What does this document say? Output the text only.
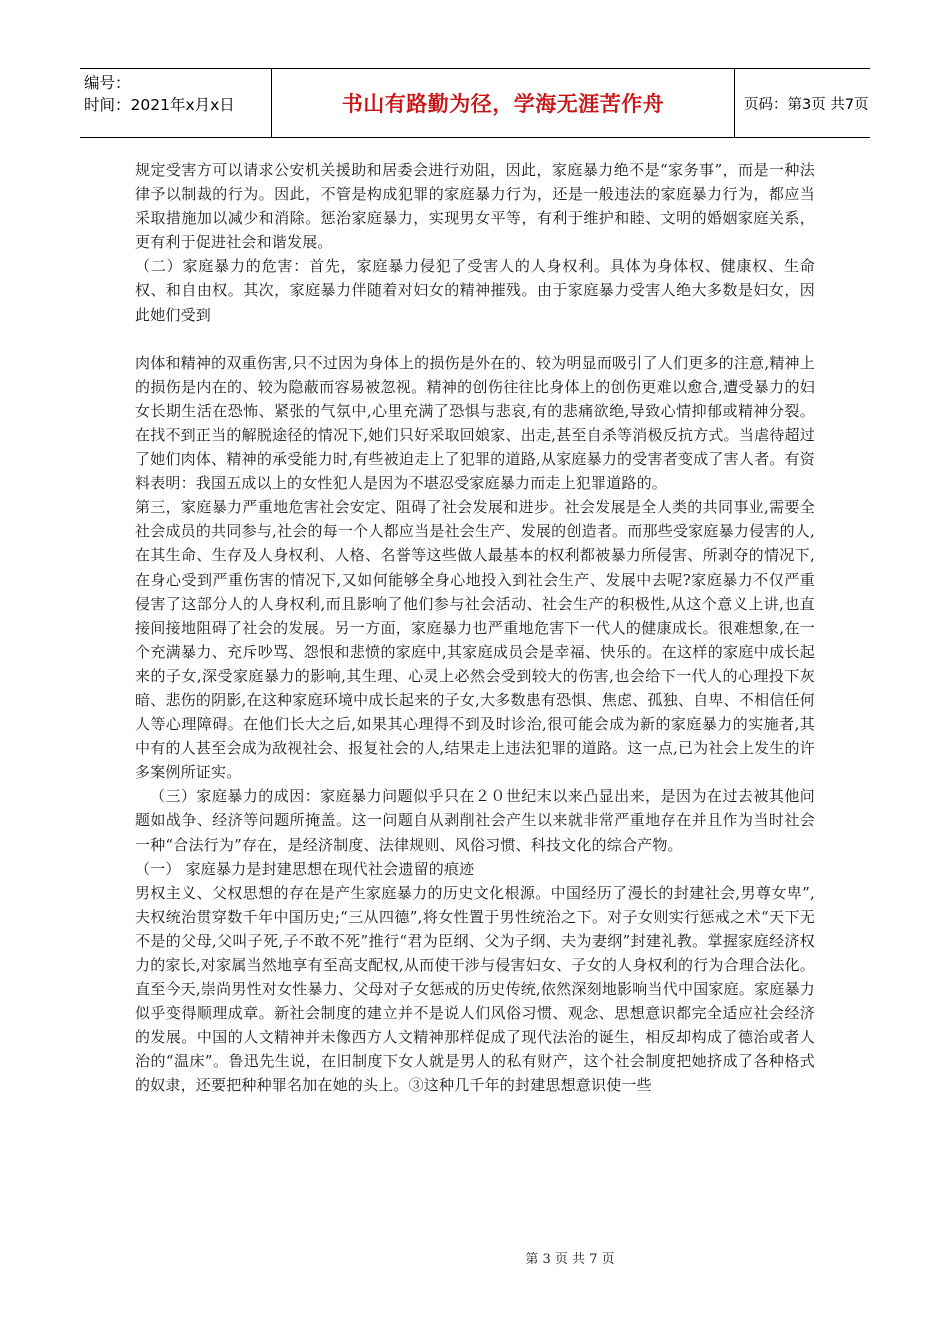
编号：
时间：2021年x月x日	书山有路勤为径，学海无涯苦作舟	页码：第3页 共7页

规定受害方可以请求公安机关援助和居委会进行劝阻，因此，家庭暴力绝不是“家务事”，而是一种法律予以制裁的行为。因此，不管是构成犯罪的家庭暴力行为，还是一般违法的家庭暴力行为，都应当采取措施加以减少和消除。惩治家庭暴力，实现男女平等，有利于维护和睦、文明的婚姻家庭关系，更有利于促进社会和谐发展。

（二）家庭暴力的危害：首先，家庭暴力侵犯了受害人的人身权利。具体为身体权、健康权、生命权、和自由权。其次，家庭暴力伴随着对妇女的精神摧残。由于家庭暴力受害人绝大多数是妇女，因此她们受到

肉体和精神的双重伤害,只不过因为身体上的损伤是外在的、较为明显而吸引了人们更多的注意,精神上的损伤是内在的、较为隐蔽而容易被忽视。精神的创伤往往比身体上的创伤更难以愈合,遭受暴力的妇女长期生活在恐怖、紧张的气氛中,心里充满了恐惧与悲哀,有的悲痛欲绝,导致心情抑郁或精神分裂。在找不到正当的解脱途径的情况下,她们只好采取回娘家、出走,甚至自杀等消极反抗方式。当虐待超过了她们肉体、精神的承受能力时,有些被迫走上了犯罪的道路,从家庭暴力的受害者变成了害人者。有资料表明：我国五成以上的女性犯人是因为不堪忍受家庭暴力而走上犯罪道路的。

第三，家庭暴力严重地危害社会安定、阻碍了社会发展和进步。社会发展是全人类的共同事业,需要全社会成员的共同参与,社会的每一个人都应当是社会生产、发展的创造者。而那些受家庭暴力侵害的人,在其生命、生存及人身权利、人格、名誉等这些做人最基本的权利都被暴力所侵害、所剥夺的情况下,在身心受到严重伤害的情况下,又如何能够全身心地投入到社会生产、发展中去呢?家庭暴力不仅严重侵害了这部分人的人身权利,而且影响了他们参与社会活动、社会生产的积极性,从这个意义上讲,也直接间接地阻碍了社会的发展。另一方面，家庭暴力也严重地危害下一代人的健康成长。很难想象,在一个充满暴力、充斥吵骂、怨恨和悲愤的家庭中,其家庭成员会是幸福、快乐的。在这样的家庭中成长起来的子女,深受家庭暴力的影响,其生理、心灵上必然会受到较大的伤害,也会给下一代人的心理投下灰暗、悲伤的阴影,在这种家庭环境中成长起来的子女,大多数患有恐惧、焦虑、孤独、自卑、不相信任何人等心理障碍。在他们长大之后,如果其心理得不到及时诊治,很可能会成为新的家庭暴力的实施者,其中有的人甚至会成为敌视社会、报复社会的人,结果走上违法犯罪的道路。这一点,已为社会上发生的许多案例所证实。

（三）家庭暴力的成因：家庭暴力问题似乎只在２０世纪末以来凸显出来，是因为在过去被其他问题如战争、经济等问题所掩盖。这一问题自从剥削社会产生以来就非常严重地存在并且作为当时社会一种“合法行为”存在，是经济制度、法律规则、风俗习惯、科技文化的综合产物。

（一） 家庭暴力是封建思想在现代社会遗留的痕迹

男权主义、父权思想的存在是产生家庭暴力的历史文化根源。中国经历了漫长的封建社会,男尊女卑”,夫权统治贯穿数千年中国历史;“三从四德”,将女性置于男性统治之下。对子女则实行惩戒之术“天下无不是的父母,父叫子死,子不敢不死”推行“君为臣纲、父为子纲、夫为妻纲”封建礼教。掌握家庭经济权力的家长,对家属当然地享有至高支配权,从而使干涉与侵害妇女、子女的人身权利的行为合理合法化。直至今天,崇尚男性对女性暴力、父母对子女惩戒的历史传统,依然深刻地影响当代中国家庭。家庭暴力似乎变得顺理成章。新社会制度的建立并不是说人们风俗习惯、观念、思想意识都完全适应社会经济的发展。中国的人文精神并未像西方人文精神那样促成了现代法治的诞生，相反却构成了德治或者人治的“温床”。鲁迅先生说，在旧制度下女人就是男人的私有财产，这个社会制度把她挤成了各种格式的奴隶，还要把种种罪名加在她的头上。③这种几千年的封建思想意识使一些

第 3 页 共 7 页
